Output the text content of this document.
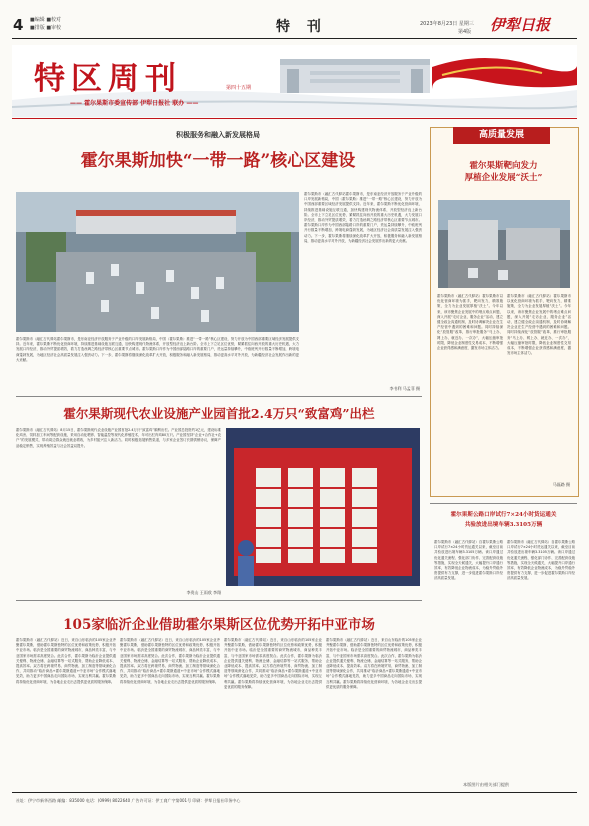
4 ■编辑 ■校对
■排版 ■审校	特 刊	2023年8月23日 星期三
第4版 伊犁日报
特区周刊	第四十五期
—— 霍尔果斯市委宣传部 伊犁日报社 联办 ——
积极服务和融入新发展格局
霍尔果斯加快“一带一路”核心区建设
霍尔果斯市（融汇古代驿站霍尔果斯市，是东南亚经济开放服务于产业升级的口岸发展新格局，中国（霍尔果斯）推进“一带一路”核心区建设，努力开放为中国西部重要区域经济发展提供支持。近年来，霍尔果斯不断优化营商环境，持续推进基础设施互联互通，加快构建现代物流体系，开放型经济迈上新台阶。全市上下立足区位优势，紧紧抓住向西开放的重大历史机遇，大力发展口岸经济，推动外贸提质增效，着力打造丝绸之路经济带核心区重要节点城市。霍尔果斯口岸作为中国西部陆路口岸的重要门户，货运量持续攀升，中欧班列开行数量不断增加，跨境电商蓬勃发展，为地区经济社会高质量发展注入强劲动力。下一步，霍尔果斯将继续深化改革扩大开放，积极服务和融入新发展格局，推动更高水平对外开放，为新疆经济社会发展作出新的更大贡献。
霍尔果斯市（融汇古代驿站霍尔果斯市，是东南亚经济开放服务于产业升级的口岸发展新格局，中国（霍尔果斯）推进“一带一路”核心区建设，努力开放为中国西部重要区域经济发展提供支持。近年来，霍尔果斯不断优化营商环境，持续推进基础设施互联互通，加快构建现代物流体系，开放型经济迈上新台阶。全市上下立足区位优势，紧紧抓住向西开放的重大历史机遇，大力发展口岸经济，推动外贸提质增效，着力打造丝绸之路经济带核心区重要节点城市。霍尔果斯口岸作为中国西部陆路口岸的重要门户，货运量持续攀升，中欧班列开行数量不断增加，跨境电商蓬勃发展，为地区经济社会高质量发展注入强劲动力。下一步，霍尔果斯将继续深化改革扩大开放，积极服务和融入新发展格局，推动更高水平对外开放，为新疆经济社会发展作出新的更大贡献。
李书利 马孟菲 摄
霍尔果斯现代农业设施产业园首批2.4万只“致富鸡”出栏
霍尔果斯市（融汇古代驿站）8月15日，霍尔果斯现代农业设施产业园首批2.4万只“致富鸡”顺利出栏。产业园总投资约1亿元，建设标准化鸡舍、饲料加工车间等配套设施，采用自动化喂养、智能温控等现代化养殖技术，年可出栏肉鸡80万只。产业园坚持“企业+合作社+农户”的发展模式，带动周边群众就近就业增收，为乡村振兴注入新活力。同时积极拓展销售渠道，与多家企业签订长期供销协议，保障产品稳定销售，实现养殖效益与社会效益双提升。
李贵山 王雨欣 李翔
105家临沂企业借助霍尔果斯区位优势开拓中亚市场
霍尔果斯市（融汇古代驿站）近日，来自山东临沂的105家企业齐聚霍尔果斯，借助霍尔果斯独特的区位优势和政策优势，积极开拓中亚市场。临沂是全国重要的商贸物流城市，商品种类丰富，与中亚国家市场需求高度契合。此次合作，霍尔果斯为临沂企业提供通关便利、物流仓储、金融结算等一站式服务，帮助企业降低成本、提高效率。双方将在跨境贸易、商贸物流、加工制造等领域深化合作，共同推动“临沂商品+霍尔果斯通道+中亚市场”合作模式落地见效，助力更多中国商品走向国际市场，实现互利共赢。霍尔果斯将持续优化营商环境，为各地企业走出去提供更优质的服务保障。
霍尔果斯市（融汇古代驿站）近日，来自山东临沂的105家企业齐聚霍尔果斯，借助霍尔果斯独特的区位优势和政策优势，积极开拓中亚市场。临沂是全国重要的商贸物流城市，商品种类丰富，与中亚国家市场需求高度契合。此次合作，霍尔果斯为临沂企业提供通关便利、物流仓储、金融结算等一站式服务，帮助企业降低成本、提高效率。双方将在跨境贸易、商贸物流、加工制造等领域深化合作，共同推动“临沂商品+霍尔果斯通道+中亚市场”合作模式落地见效，助力更多中国商品走向国际市场，实现互利共赢。霍尔果斯将持续优化营商环境，为各地企业走出去提供更优质的服务保障。
霍尔果斯市（融汇古代驿站）近日，来自山东临沂的105家企业齐聚霍尔果斯，借助霍尔果斯独特的区位优势和政策优势，积极开拓中亚市场。临沂是全国重要的商贸物流城市，商品种类丰富，与中亚国家市场需求高度契合。此次合作，霍尔果斯为临沂企业提供通关便利、物流仓储、金融结算等一站式服务，帮助企业降低成本、提高效率。双方将在跨境贸易、商贸物流、加工制造等领域深化合作，共同推动“临沂商品+霍尔果斯通道+中亚市场”合作模式落地见效，助力更多中国商品走向国际市场，实现互利共赢。霍尔果斯将持续优化营商环境，为各地企业走出去提供更优质的服务保障。
霍尔果斯市（融汇古代驿站）近日，来自山东临沂的105家企业齐聚霍尔果斯，借助霍尔果斯独特的区位优势和政策优势，积极开拓中亚市场。临沂是全国重要的商贸物流城市，商品种类丰富，与中亚国家市场需求高度契合。此次合作，霍尔果斯为临沂企业提供通关便利、物流仓储、金融结算等一站式服务，帮助企业降低成本、提高效率。双方将在跨境贸易、商贸物流、加工制造等领域深化合作，共同推动“临沂商品+霍尔果斯通道+中亚市场”合作模式落地见效，助力更多中国商品走向国际市场，实现互利共赢。霍尔果斯将持续优化营商环境，为各地企业走出去提供更优质的服务保障。
高质量发展
霍尔果斯靶向发力
厚植企业发展“沃土”
霍尔果斯市（融汇古代驿站）霍尔果斯市以优化营商环境为抓手，靶向发力，精准施策，全力为企业发展厚植“沃土”。今年以来，该市聚焦企业发展中的堵点难点问题，深入开展“走访企业、服务企业”活动，建立健全政企沟通机制，及时协调解决企业在生产经营中遇到的困难和问题。同时持续深化“放管服”改革，推行审批服务“马上办、网上办、就近办、一次办”，大幅压缩审批时限，降低企业制度性交易成本，不断增强企业获得感和满意度，激发市场主体活力。
霍尔果斯市（融汇古代驿站）霍尔果斯市以优化营商环境为抓手，靶向发力，精准施策，全力为企业发展厚植“沃土”。今年以来，该市聚焦企业发展中的堵点难点问题，深入开展“走访企业、服务企业”活动，建立健全政企沟通机制，及时协调解决企业在生产经营中遇到的困难和问题。同时持续深化“放管服”改革，推行审批服务“马上办、网上办、就近办、一次办”，大幅压缩审批时限，降低企业制度性交易成本，不断增强企业获得感和满意度，激发市场主体活力。
马磊路 摄
霍尔果斯公路口岸试行7×24小时货运通关
共验放进出境车辆3.3105万辆
霍尔果斯市（融汇古代驿站）自霍尔果斯公路口岸试行7×24小时货运通关以来，截至目前共验放进出境车辆3.3105万辆。该口岸通过优化通关流程、强化部门协作、完善配套设施等措施，实现全天候通关，大幅提升口岸通行效率，有效降低企业物流成本，为稳外贸稳外资提供有力支撑，进一步促进霍尔果斯口岸经济高质量发展。
霍尔果斯市（融汇古代驿站）自霍尔果斯公路口岸试行7×24小时货运通关以来，截至目前共验放进出境车辆3.3105万辆。该口岸通过优化通关流程、强化部门协作、完善配套设施等措施，实现全天候通关，大幅提升口岸通行效率，有效降低企业物流成本，为稳外贸稳外资提供有力支撑，进一步促进霍尔果斯口岸经济高质量发展。
本版图片由相关部门提供
社址：伊宁市新华西路 邮编：835000 电话：(0999) 8022640 广告许可证：伊工商广字第001号 印刷：伊犁日报社印务中心
